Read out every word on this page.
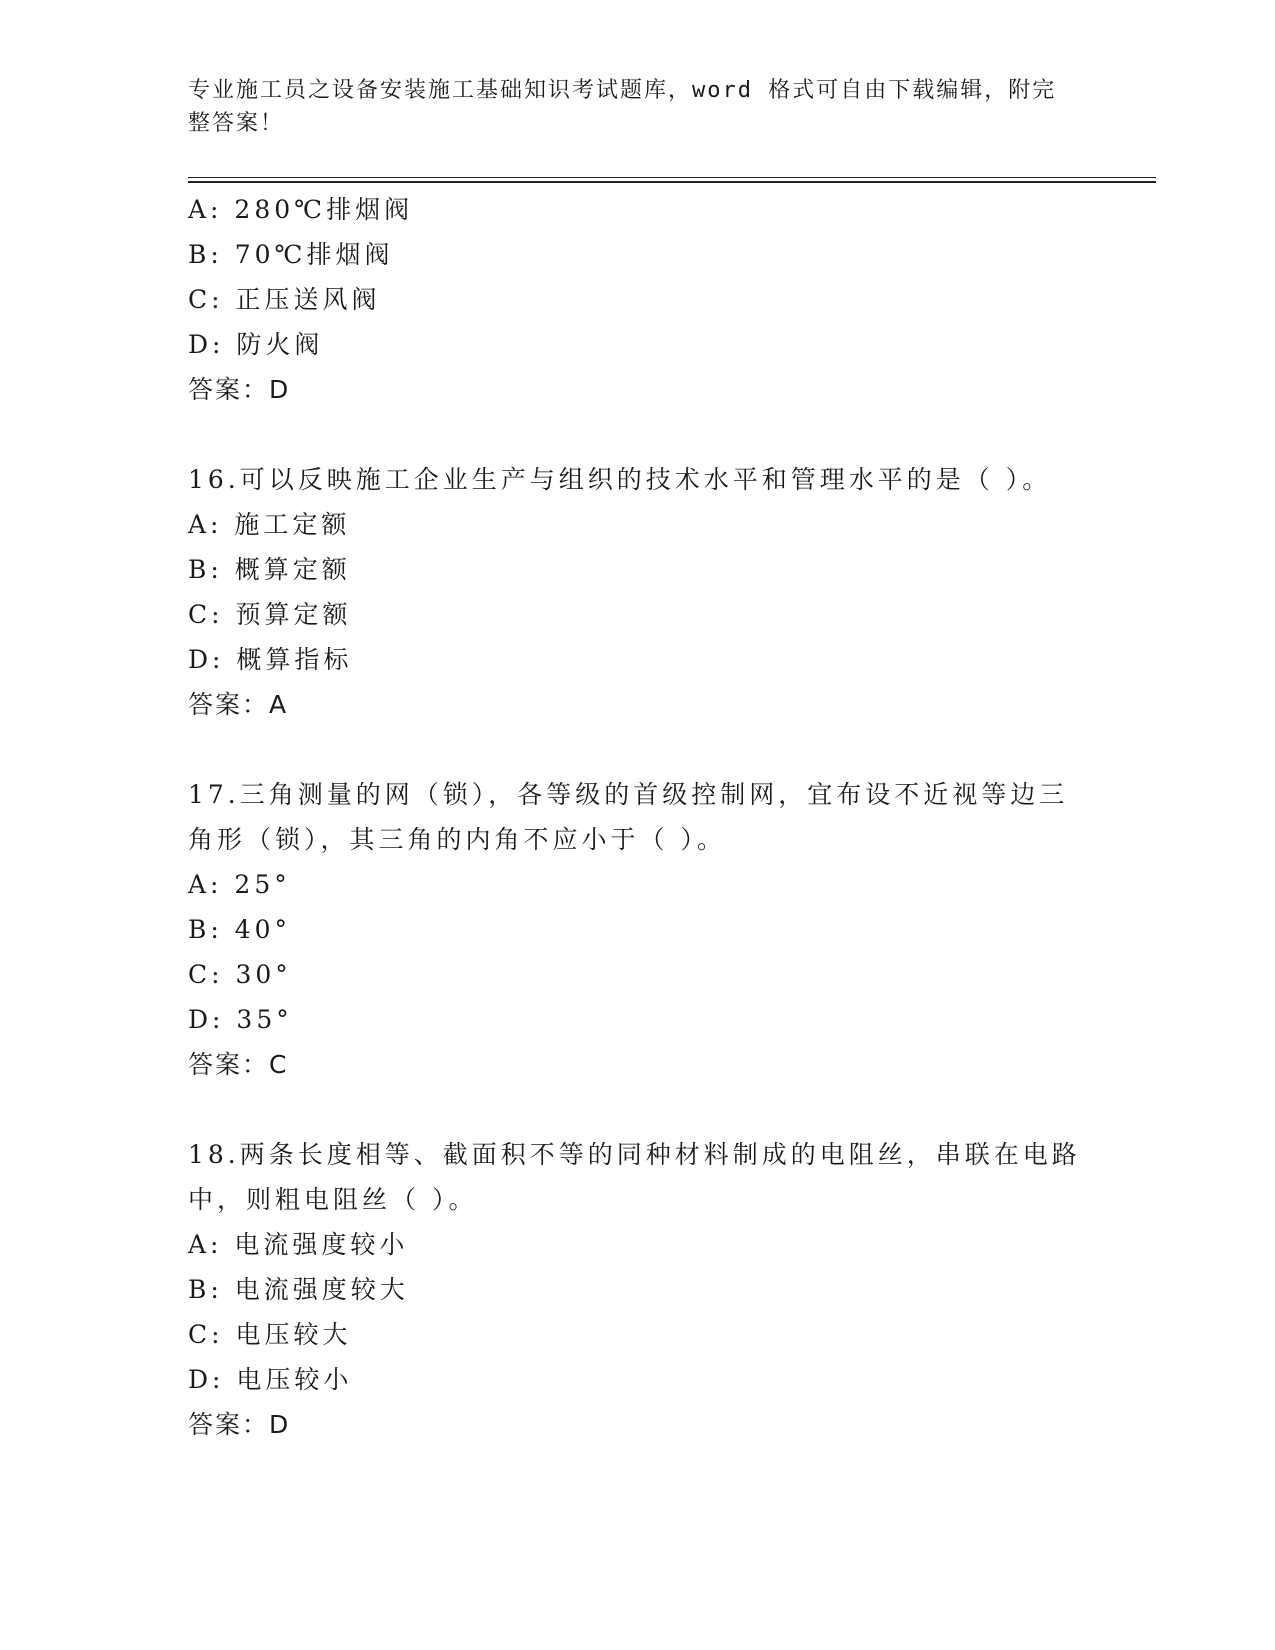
专业施工员之设备安装施工基础知识考试题库，word 格式可自由下载编辑，附完
整答案！
A: 280℃排烟阀
B: 70℃排烟阀
C: 正压送风阀
D: 防火阀
答案：D
16.可以反映施工企业生产与组织的技术水平和管理水平的是（ ）。
A: 施工定额
B: 概算定额
C: 预算定额
D: 概算指标
答案：A
17.三角测量的网（锁），各等级的首级控制网，宜布设不近视等边三
角形（锁），其三角的内角不应小于（ ）。
A: 25°
B: 40°
C: 30°
D: 35°
答案：C
18.两条长度相等、截面积不等的同种材料制成的电阻丝，串联在电路
中，则粗电阻丝（ ）。
A: 电流强度较小
B: 电流强度较大
C: 电压较大
D: 电压较小
答案：D
